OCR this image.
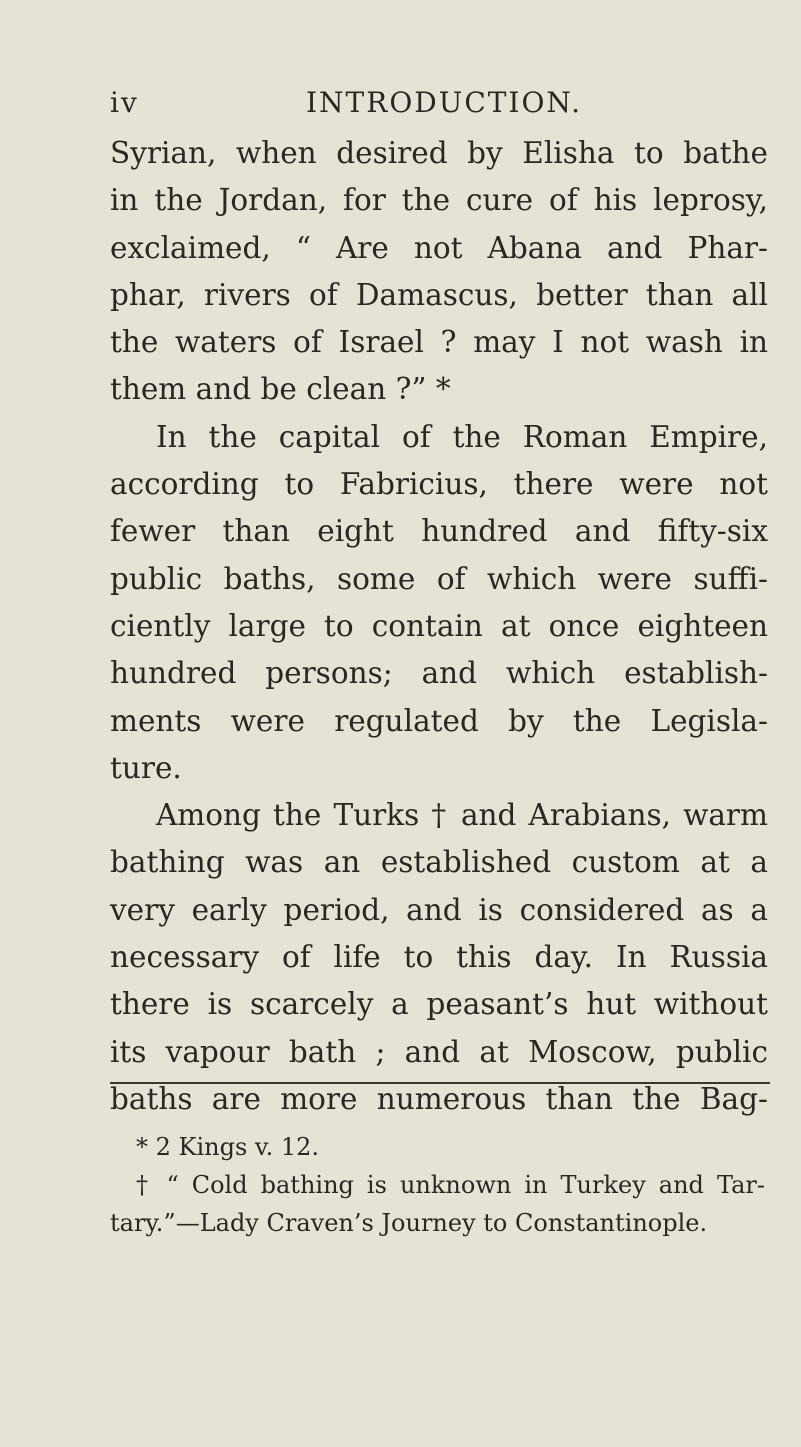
iv	INTRODUCTION.
Syrian, when desired by Elisha to bathe
in the Jordan, for the cure of his leprosy,
exclaimed, “ Are not Abana and Phar-
phar, rivers of Damascus, better than all
the waters of Israel ? may I not wash in
them and be clean ?” *
In the capital of the Roman Empire,
according to Fabricius, there were not
fewer than eight hundred and fifty-six
public baths, some of which were suffi-
ciently large to contain at once eighteen
hundred persons; and which establish-
ments were regulated by the Legisla-
ture.
Among the Turks † and Arabians, warm
bathing was an established custom at a
very early period, and is considered as a
necessary of life to this day. In Russia
there is scarcely a peasant’s hut without
its vapour bath ; and at Moscow, public
baths are more numerous than the Bag-
* 2 Kings v. 12.
† “ Cold bathing is unknown in Turkey and Tar-
tary.”—Lady Craven’s Journey to Constantinople.
